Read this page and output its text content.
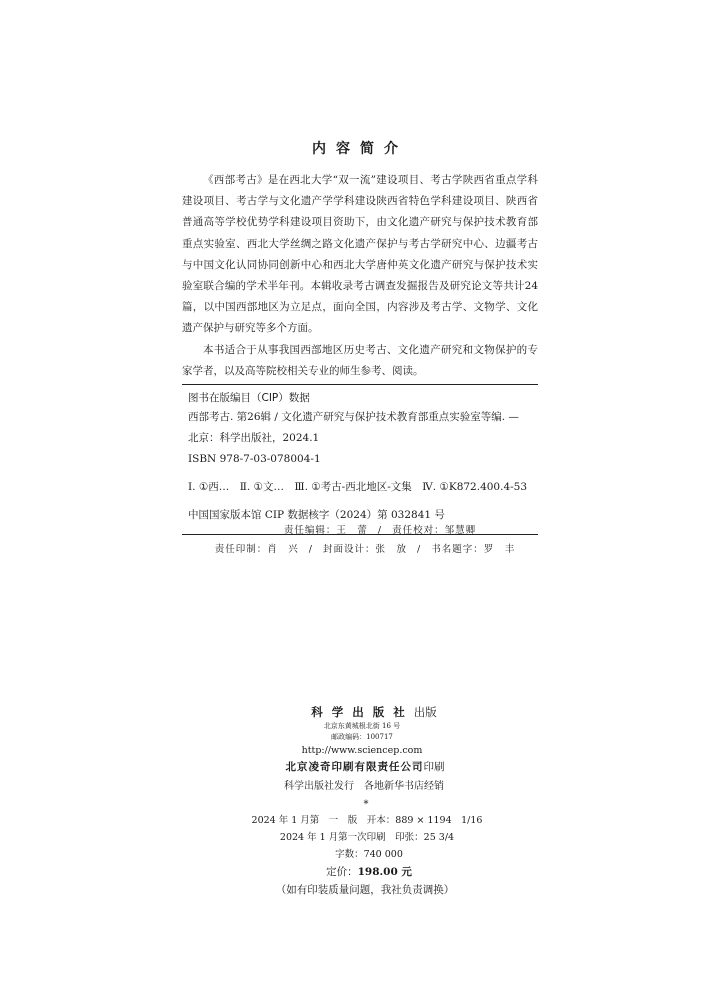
内容简介

《西部考古》是在西北大学“双一流”建设项目、考古学陕西省重点学科建设项目、考古学与文化遗产学学科建设陕西省特色学科建设项目、陕西省普通高等学校优势学科建设项目资助下，由文化遗产研究与保护技术教育部重点实验室、西北大学丝绸之路文化遗产保护与考古学研究中心、边疆考古与中国文化认同协同创新中心和西北大学唐仲英文化遗产研究与保护技术实验室联合编的学术半年刊。本辑收录考古调查发掘报告及研究论文等共计24篇，以中国西部地区为立足点，面向全国，内容涉及考古学、文物学、文化遗产保护与研究等多个方面。

本书适合于从事我国西部地区历史考古、文化遗产研究和文物保护的专家学者，以及高等院校相关专业的师生参考、阅读。

图书在版编目（CIP）数据
西部考古. 第26辑 / 文化遗产研究与保护技术教育部重点实验室等编. —
北京：科学出版社，2024.1
ISBN 978-7-03-078004-1
Ⅰ. ①西…　Ⅱ. ①文…　Ⅲ. ①考古-西北地区-文集　Ⅳ. ①K872.400.4-53
中国国家版本馆 CIP 数据核字（2024）第 032841 号
责任编辑：王　蕾 / 责任校对：邹慧卿
责任印制：肖　兴 / 封面设计：张　放 / 书名题字：罗　丰
科学出版社出版
北京东黄城根北街 16 号
邮政编码：100717
http://www.sciencep.com
北京凌奇印刷有限责任公司印刷
科学出版社发行　各地新华书店经销
*
2024 年 1 月第　一　版　开本：889 × 1194　1/16
2024 年 1 月第一次印刷　印张：25 3/4
字数：740 000
定价：198.00 元
（如有印装质量问题，我社负责调换）
